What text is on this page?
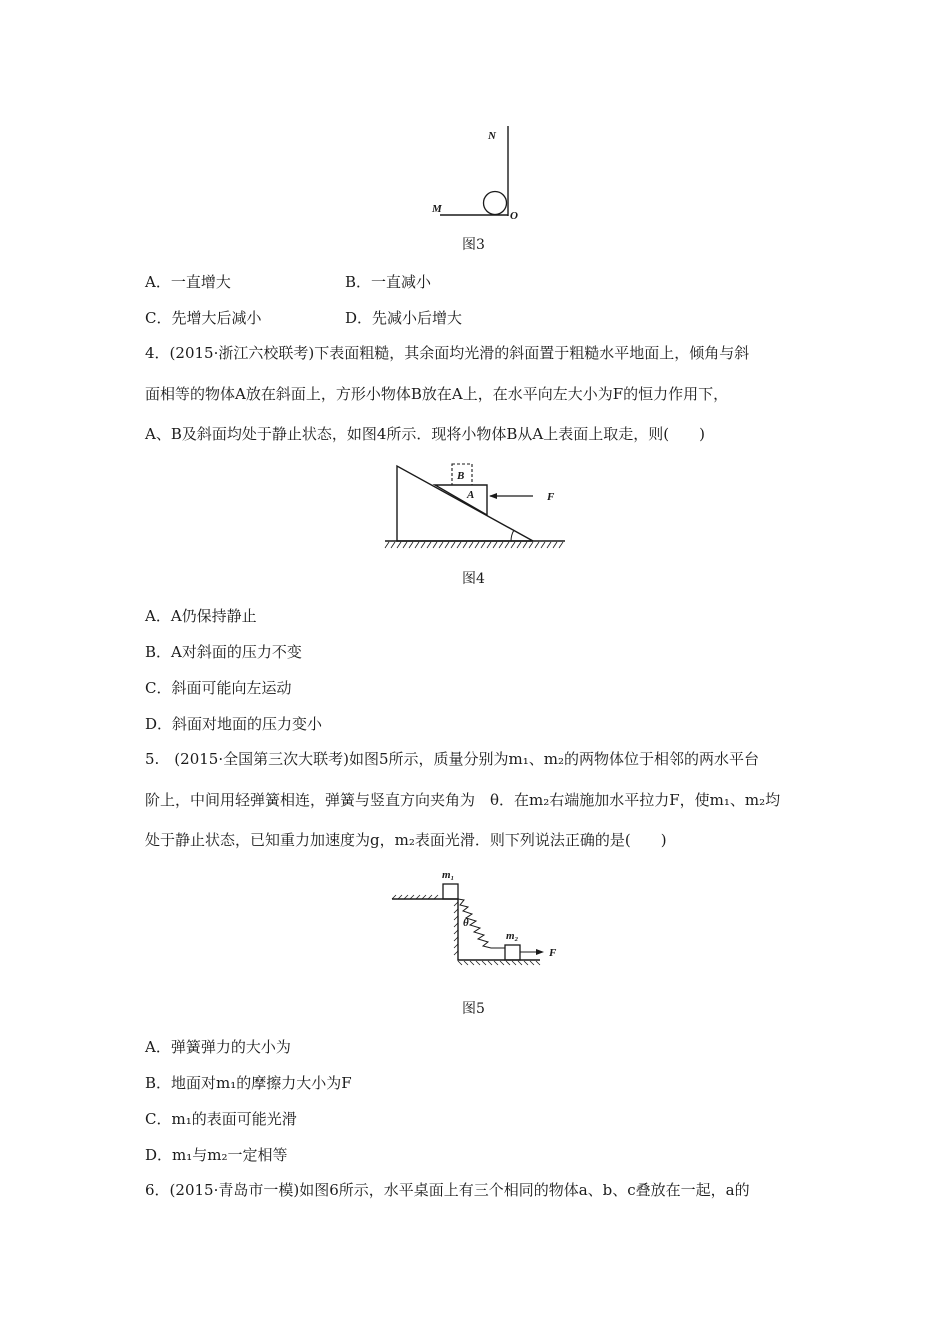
N
M
O
图3
A．一直增大	B．一直减小
C．先增大后减小	D．先减小后增大
4．(2015·浙江六校联考)下表面粗糙，其余面均光滑的斜面置于粗糙水平地面上，倾角与斜
面相等的物体A放在斜面上，方形小物体B放在A上，在水平向左大小为F的恒力作用下，
A、B及斜面均处于静止状态，如图4所示．现将小物体B从A上表面上取走，则(　　)
B
A	F
图4
A．A仍保持静止
B．A对斜面的压力不变
C．斜面可能向左运动
D．斜面对地面的压力变小
5.　(2015·全国第三次大联考)如图5所示，质量分别为m₁、m₂的两物体位于相邻的两水平台
阶上，中间用轻弹簧相连，弹簧与竖直方向夹角为　θ．在m₂右端施加水平拉力F，使m₁、m₂均
处于静止状态，已知重力加速度为g，m₂表面光滑．则下列说法正确的是(　　)
m₁
θ
m₂
F
图5
A．弹簧弹力的大小为
B．地面对m₁的摩擦力大小为F
C．m₁的表面可能光滑
D．m₁与m₂一定相等
6．(2015·青岛市一模)如图6所示，水平桌面上有三个相同的物体a、b、c叠放在一起，a的
